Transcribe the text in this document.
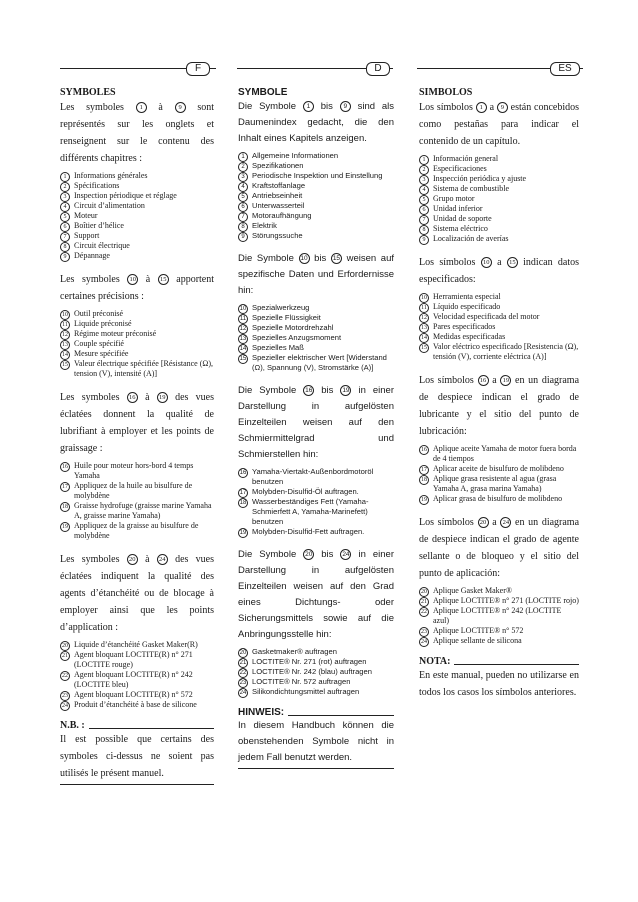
F	D	ES

SYMBOLES

Les symboles 1 à 9 sont représentés sur les onglets et renseignent sur le contenu des différents chapitres :

1 Informations générales
2 Spécifications
3 Inspection périodique et réglage
4 Circuit d’alimentation
5 Moteur
6 Boîtier d’hélice
7 Support
8 Circuit électrique
9 Dépannage

Les symboles 10 à 15 apportent certaines précisions :

10 Outil préconisé
11 Liquide préconisé
12 Régime moteur préconisé
13 Couple spécifié
14 Mesure spécifiée
15 Valeur électrique spécifiée [Résistance (Ω), tension (V), intensité (A)]

Les symboles 16 à 19 des vues éclatées donnent la qualité de lubrifiant à employer et les points de graissage :

16 Huile pour moteur hors-bord 4 temps Yamaha
17 Appliquez de la huile au bisulfure de molybdène
18 Graisse hydrofuge (graisse marine Yamaha A, graisse marine Yamaha)
19 Appliquez de la graisse au bisulfure de molybdène

Les symboles 20 à 24 des vues éclatées indiquent la qualité des agents d’étanchéité ou de blocage à employer ainsi que les points d’application :

20 Liquide d’étanchéité Gasket Maker(R)
21 Agent bloquant LOCTITE(R) n° 271 (LOCTITE rouge)
22 Agent bloquant LOCTITE(R) n° 242 (LOCTITE bleu)
23 Agent bloquant LOCTITE(R) n° 572
24 Produit d’étanchéité à base de silicone
N.B. :

Il est possible que certains des symboles ci-dessus ne soient pas utilisés le présent manuel.

SYMBOLE

Die Symbole 1 bis 9 sind als Daumenindex gedacht, die den Inhalt eines Kapitels anzeigen.

1 Allgemeine Informationen
2 Spezifikationen
3 Periodische Inspektion und Einstellung
4 Kraftstoffanlage
5 Antriebseinheit
6 Unterwasserteil
7 Motoraufhängung
8 Elektrik
9 Störungssuche

Die Symbole 10 bis 15 weisen auf spezifische Daten und Erfordernisse hin:

10 Spezialwerkzeug
11 Spezielle Flüssigkeit
12 Spezielle Motordrehzahl
13 Spezielles Anzugsmoment
14 Spezielles Maß
15 Spezieller elektrischer Wert [Widerstand (Ω), Spannung (V), Stromstärke (A)]

Die Symbole 16 bis 19 in einer Darstellung in aufgelösten Einzelteilen weisen auf den Schmiermittelgrad und Schmierstellen hin:

16 Yamaha-Viertakt-Außenbordmotoröl benutzen
17 Molybden-Disulfid-Öl auftragen.
18 Wasserbeständiges Fett (Yamaha-Schmierfett A, Yamaha-Marinefett) benutzen
19 Molybden-Disulfid-Fett auftragen.

Die Symbole 20 bis 24 in einer Darstellung in aufgelösten Einzelteilen weisen auf den Grad eines Dichtungs- oder Sicherungsmittels sowie auf die Anbringungsstelle hin:

20 Gasketmaker® auftragen
21 LOCTITE® Nr. 271 (rot) auftragen
22 LOCTITE® Nr. 242 (blau) auftragen
23 LOCTITE® Nr. 572 auftragen
24 Silikondichtungsmittel auftragen
HINWEIS:

In diesem Handbuch können die obenstehenden Symbole nicht in jedem Fall benutzt werden.

SIMBOLOS

Los símbolos 1 a 9 están concebidos como pestañas para indicar el contenido de un capítulo.

1 Información general
2 Especificaciones
3 Inspección periódica y ajuste
4 Sistema de combustible
5 Grupo motor
6 Unidad inferior
7 Unidad de soporte
8 Sistema eléctrico
9 Localización de averías

Los símbolos 10 a 15 indican datos especificados:

10 Herramienta especial
11 Líquido especificado
12 Velocidad especificada del motor
13 Pares especificados
14 Medidas especificadas
15 Valor eléctrico especificado [Resistencia (Ω), tensión (V), corriente eléctrica (A)]

Los símbolos 16 a 19 en un diagrama de despiece indican el grado de lubricante y el sitio del punto de lubricación:

16 Aplique aceite Yamaha de motor fuera borda de 4 tiempos
17 Aplicar aceite de bisulfuro de molibdeno
18 Aplique grasa resistente al agua (grasa Yamaha A, grasa marina Yamaha)
19 Aplicar grasa de bisulfuro de molibdeno

Los símbolos 20 a 24 en un diagrama de despiece indican el grado de agente sellante o de bloqueo y el sitio del punto de aplicación:

20 Aplique Gasket Maker®
21 Aplique LOCTITE® n° 271 (LOCTITE rojo)
22 Aplique LOCTITE® n° 242 (LOCTITE azul)
23 Aplique LOCTITE® n° 572
24 Aplique sellante de silicona
NOTA:

En este manual, pueden no utilizarse en todos los casos los símbolos anteriores.
